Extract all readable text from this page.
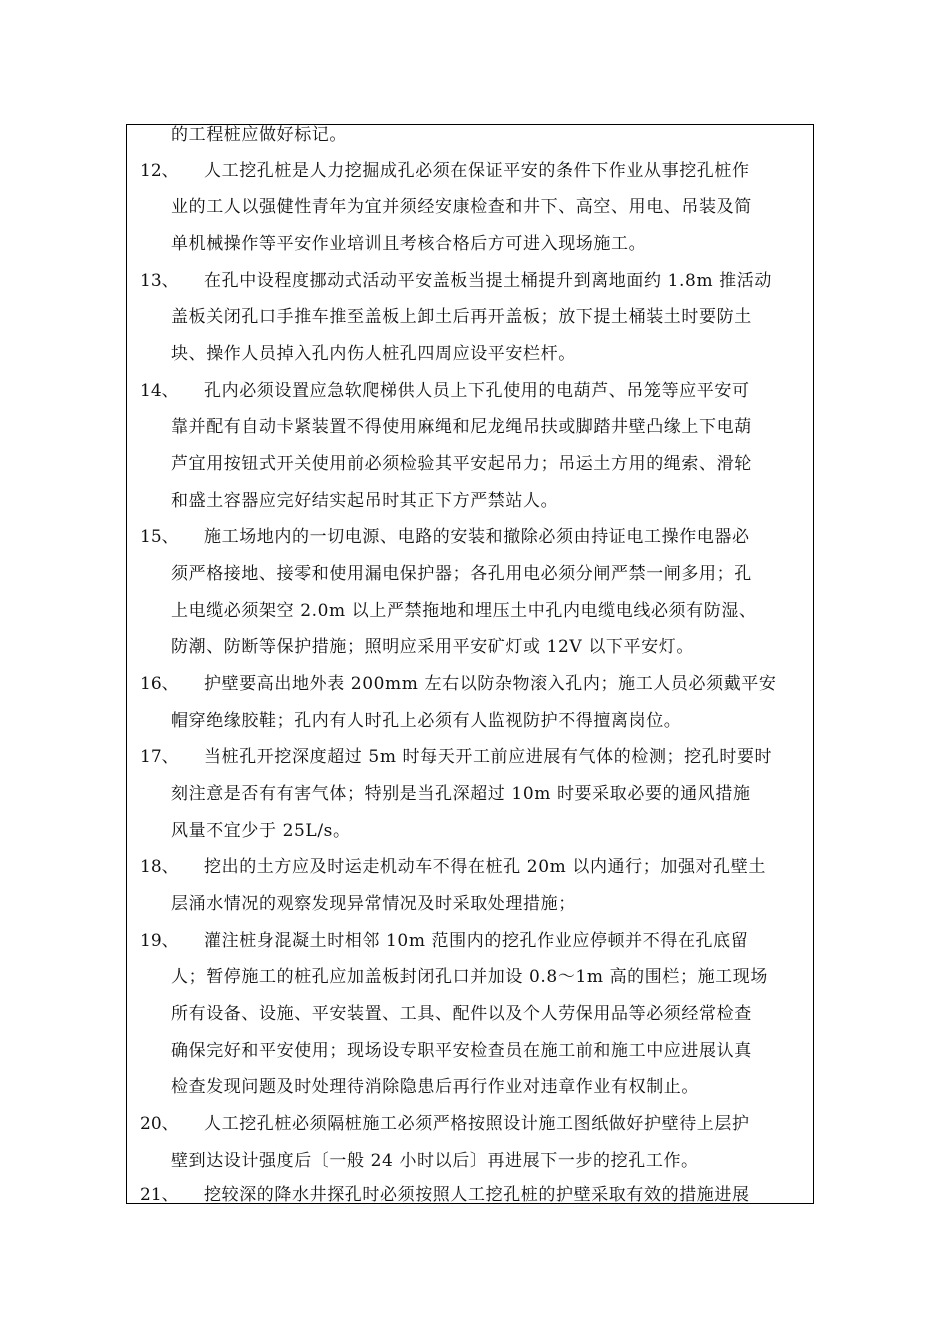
的工程桩应做好标记。
12、 人工挖孔桩是人力挖掘成孔必须在保证平安的条件下作业从事挖孔桩作
业的工人以强健性青年为宜并须经安康检查和井下、高空、用电、吊装及简
单机械操作等平安作业培训且考核合格后方可进入现场施工。
13、 在孔中设程度挪动式活动平安盖板当提土桶提升到离地面约 1.8m 推活动
盖板关闭孔口手推车推至盖板上卸土后再开盖板；放下提土桶装土时要防土
块、操作人员掉入孔内伤人桩孔四周应设平安栏杆。
14、 孔内必须设置应急软爬梯供人员上下孔使用的电葫芦、吊笼等应平安可
靠并配有自动卡紧装置不得使用麻绳和尼龙绳吊扶或脚踏井壁凸缘上下电葫
芦宜用按钮式开关使用前必须检验其平安起吊力；吊运土方用的绳索、滑轮
和盛土容器应完好结实起吊时其正下方严禁站人。
15、 施工场地内的一切电源、电路的安装和撤除必须由持证电工操作电器必
须严格接地、接零和使用漏电保护器；各孔用电必须分闸严禁一闸多用；孔
上电缆必须架空 2.0m 以上严禁拖地和埋压土中孔内电缆电线必须有防湿、
防潮、防断等保护措施；照明应采用平安矿灯或 12V 以下平安灯。
16、 护壁要高出地外表 200mm 左右以防杂物滚入孔内；施工人员必须戴平安
帽穿绝缘胶鞋；孔内有人时孔上必须有人监视防护不得擅离岗位。
17、 当桩孔开挖深度超过 5m 时每天开工前应进展有气体的检测；挖孔时要时
刻注意是否有有害气体；特别是当孔深超过 10m 时要采取必要的通风措施
风量不宜少于 25L/s。
18、 挖出的土方应及时运走机动车不得在桩孔 20m 以内通行；加强对孔壁土
层涌水情况的观察发现异常情况及时采取处理措施；
19、 灌注桩身混凝土时相邻 10m 范围内的挖孔作业应停顿并不得在孔底留
人；暂停施工的桩孔应加盖板封闭孔口并加设 0.8～1m 高的围栏；施工现场
所有设备、设施、平安装置、工具、配件以及个人劳保用品等必须经常检查
确保完好和平安使用；现场设专职平安检查员在施工前和施工中应进展认真
检查发现问题及时处理待消除隐患后再行作业对违章作业有权制止。
20、 人工挖孔桩必须隔桩施工必须严格按照设计施工图纸做好护壁待上层护
壁到达设计强度后〔一般 24 小时以后〕再进展下一步的挖孔工作。
21、 挖较深的降水井探孔时必须按照人工挖孔桩的护壁采取有效的措施进展
